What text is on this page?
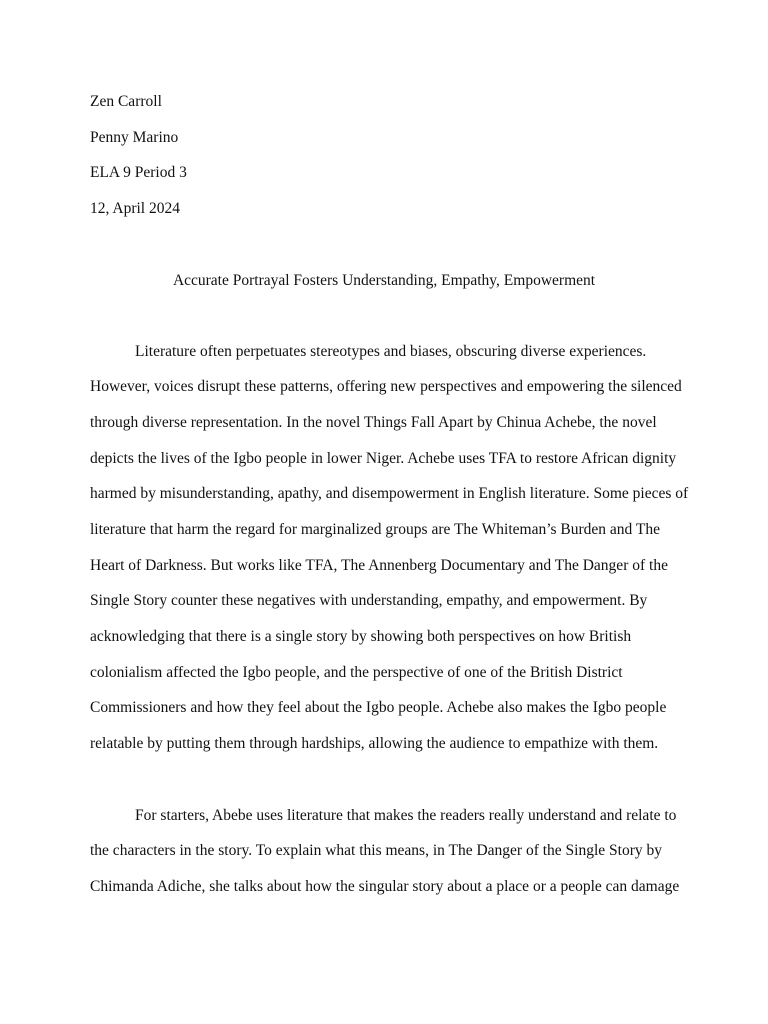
Zen Carroll
Penny Marino
ELA 9 Period 3
12, April 2024
Accurate Portrayal Fosters Understanding, Empathy, Empowerment
Literature often perpetuates stereotypes and biases, obscuring diverse experiences.
However, voices disrupt these patterns, offering new perspectives and empowering the silenced
through diverse representation. In the novel Things Fall Apart by Chinua Achebe, the novel
depicts the lives of the Igbo people in lower Niger. Achebe uses TFA to restore African dignity
harmed by misunderstanding, apathy, and disempowerment in English literature. Some pieces of
literature that harm the regard for marginalized groups are The Whiteman’s Burden and The
Heart of Darkness. But works like TFA, The Annenberg Documentary and The Danger of the
Single Story counter these negatives with understanding, empathy, and empowerment. By
acknowledging that there is a single story by showing both perspectives on how British
colonialism affected the Igbo people, and the perspective of one of the British District
Commissioners and how they feel about the Igbo people. Achebe also makes the Igbo people
relatable by putting them through hardships, allowing the audience to empathize with them.
For starters, Abebe uses literature that makes the readers really understand and relate to
the characters in the story. To explain what this means, in The Danger of the Single Story by
Chimanda Adiche, she talks about how the singular story about a place or a people can damage
